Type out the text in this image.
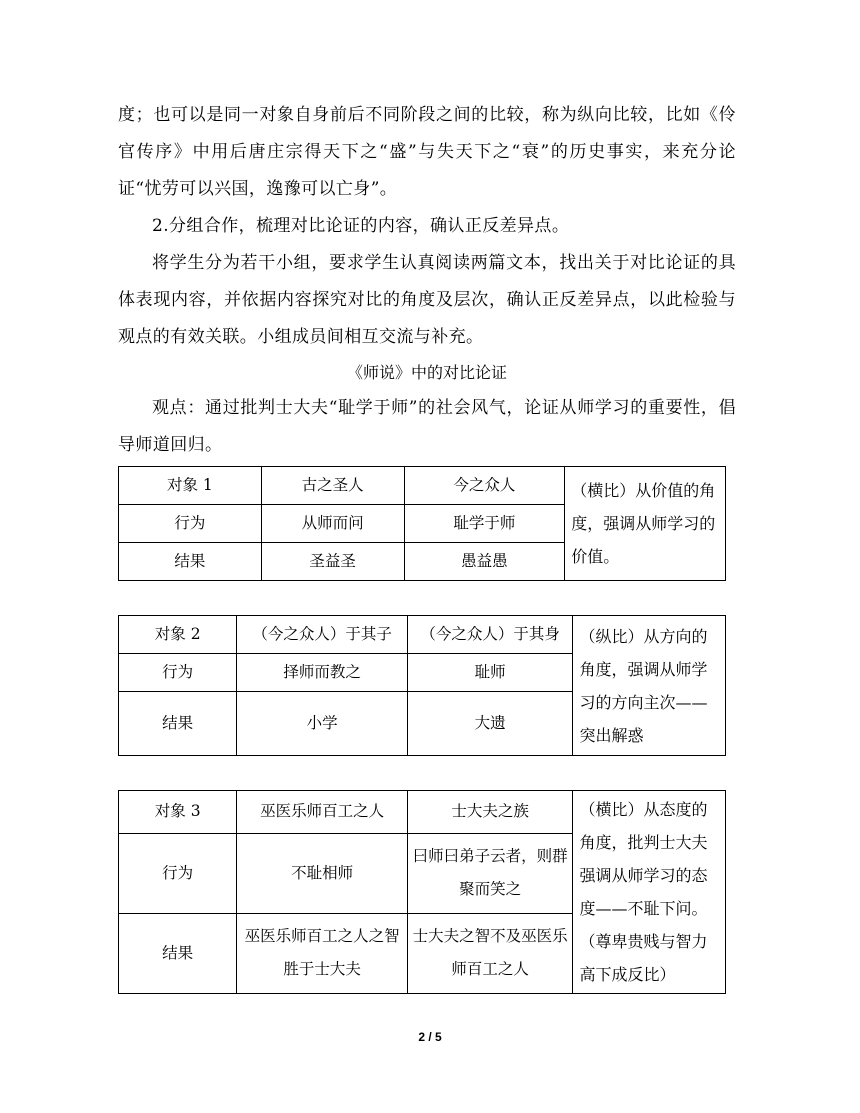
度；也可以是同一对象自身前后不同阶段之间的比较，称为纵向比较，比如《伶官传序》中用后唐庄宗得天下之“盛”与失天下之“衰”的历史事实，来充分论证“忧劳可以兴国，逸豫可以亡身”。

2.分组合作，梳理对比论证的内容，确认正反差异点。

将学生分为若干小组，要求学生认真阅读两篇文本，找出关于对比论证的具体表现内容，并依据内容探究对比的角度及层次，确认正反差异点，以此检验与观点的有效关联。小组成员间相互交流与补充。

《师说》中的对比论证

观点：通过批判士大夫“耻学于师”的社会风气，论证从师学习的重要性，倡导师道回归。

对象 1	古之圣人	今之众人	（横比）从价值的角度，强调从师学习的价值。
行为	从师而问	耻学于师	
结果	圣益圣	愚益愚	
对象 2	（今之众人）于其子	（今之众人）于其身	（纵比）从方向的角度，强调从师学习的方向主次——突出解惑
行为	择师而教之	耻师	
结果	小学	大遗	
对象 3	巫医乐师百工之人	士大夫之族	（横比）从态度的角度，批判士大夫强调从师学习的态度——不耻下问。（尊卑贵贱与智力高下成反比）
行为	不耻相师	曰师曰弟子云者，则群聚而笑之	
结果	巫医乐师百工之人之智胜于士大夫	士大夫之智不及巫医乐师百工之人	
2 / 5
